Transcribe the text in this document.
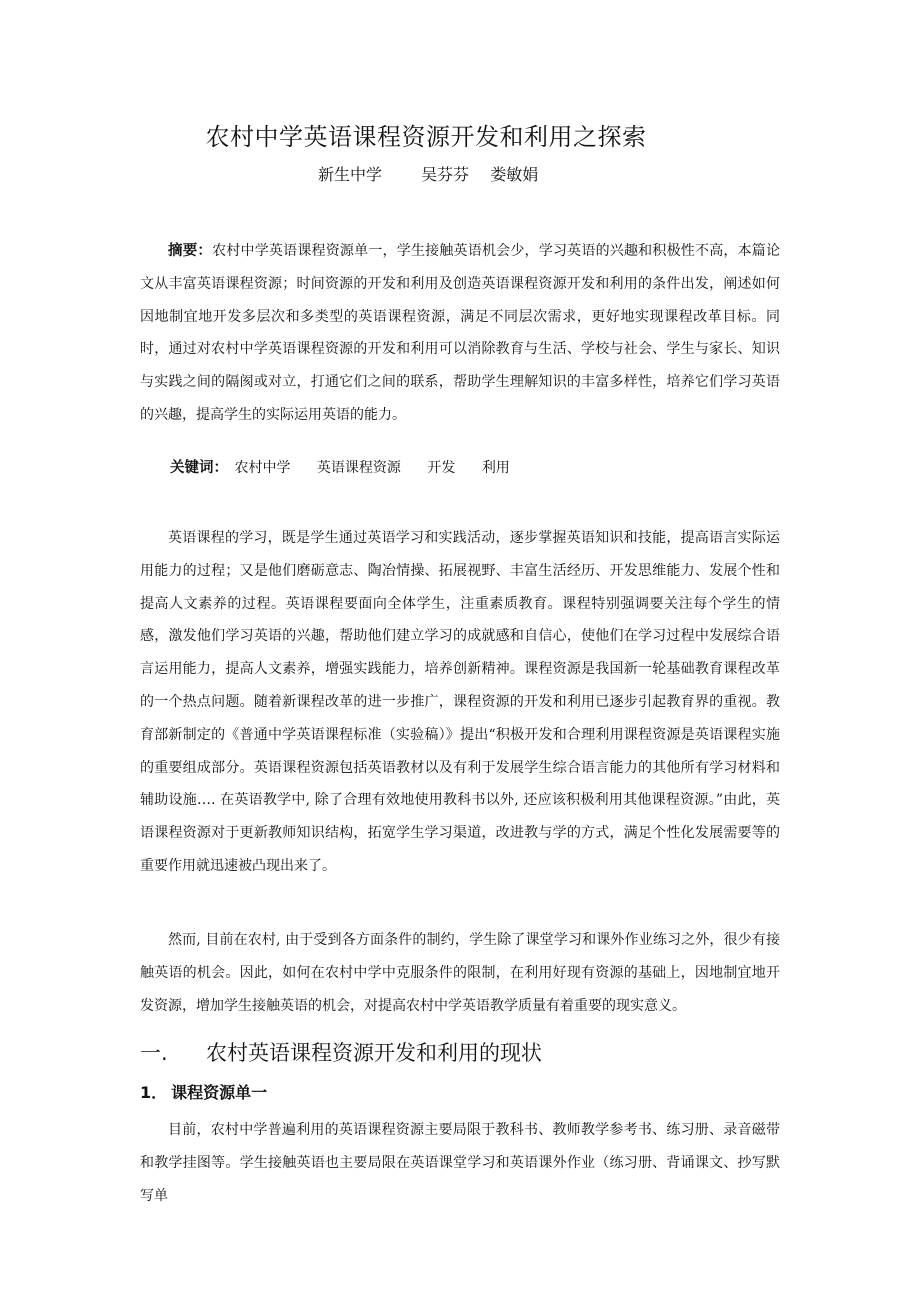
农村中学英语课程资源开发和利用之探索
新生中学 吴芬芬 娄敏娟
摘要：农村中学英语课程资源单一，学生接触英语机会少，学习英语的兴趣和积极性不高，本篇论文从丰富英语课程资源；时间资源的开发和利用及创造英语课程资源开发和利用的条件出发，阐述如何因地制宜地开发多层次和多类型的英语课程资源，满足不同层次需求，更好地实现课程改革目标。同时，通过对农村中学英语课程资源的开发和利用可以消除教育与生活、学校与社会、学生与家长、知识与实践之间的隔阂或对立，打通它们之间的联系，帮助学生理解知识的丰富多样性，培养它们学习英语的兴趣，提高学生的实际运用英语的能力。
关键词： 农村中学 英语课程资源 开发 利用
英语课程的学习，既是学生通过英语学习和实践活动，逐步掌握英语知识和技能，提高语言实际运用能力的过程；又是他们磨砺意志、陶冶情操、拓展视野、丰富生活经历、开发思维能力、发展个性和提高人文素养的过程。英语课程要面向全体学生，注重素质教育。课程特别强调要关注每个学生的情感，激发他们学习英语的兴趣，帮助他们建立学习的成就感和自信心，使他们在学习过程中发展综合语言运用能力，提高人文素养，增强实践能力，培养创新精神。课程资源是我国新一轮基础教育课程改革的一个热点问题。随着新课程改革的进一步推广，课程资源的开发和利用已逐步引起教育界的重视。教育部新制定的《普通中学英语课程标准（实验稿）》提出“积极开发和合理利用课程资源是英语课程实施的重要组成部分。英语课程资源包括英语教材以及有利于发展学生综合语言能力的其他所有学习材料和辅助设施…. 在英语教学中, 除了合理有效地使用教科书以外, 还应该积极利用其他课程资源。”由此，英语课程资源对于更新教师知识结构，拓宽学生学习渠道，改进教与学的方式，满足个性化发展需要等的重要作用就迅速被凸现出来了。
然而, 目前在农村, 由于受到各方面条件的制约，学生除了课堂学习和课外作业练习之外，很少有接触英语的机会。因此，如何在农村中学中克服条件的限制，在利用好现有资源的基础上，因地制宜地开发资源，增加学生接触英语的机会，对提高农村中学英语教学质量有着重要的现实意义。
一. 农村英语课程资源开发和利用的现状
1． 课程资源单一
目前，农村中学普遍利用的英语课程资源主要局限于教科书、教师教学参考书、练习册、录音磁带和教学挂图等。学生接触英语也主要局限在英语课堂学习和英语课外作业（练习册、背诵课文、抄写默写单
